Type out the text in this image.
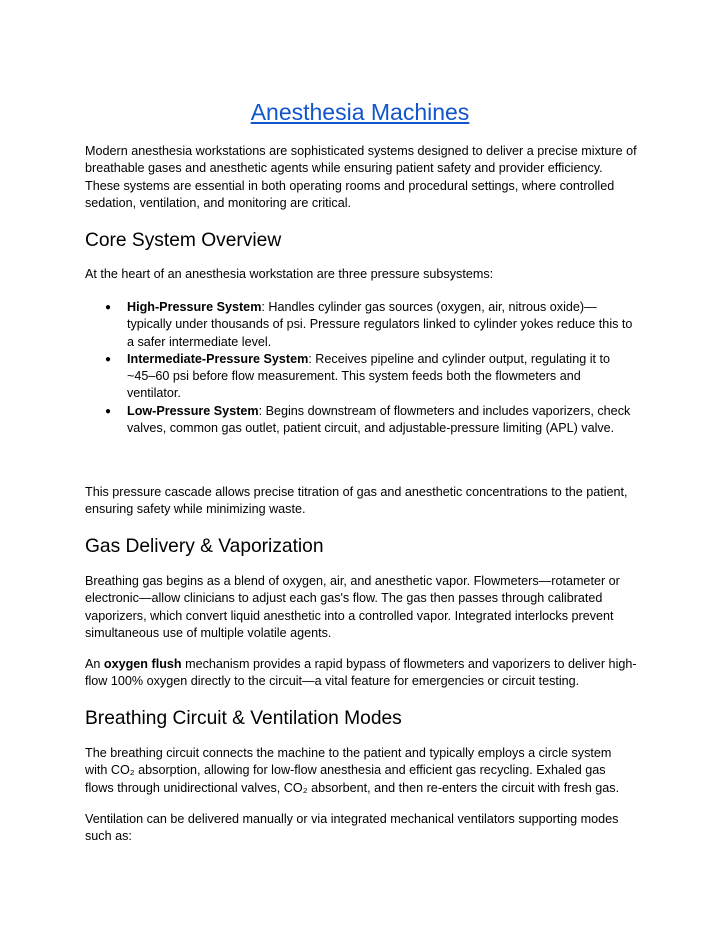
Anesthesia Machines

Modern anesthesia workstations are sophisticated systems designed to deliver a precise mixture of breathable gases and anesthetic agents while ensuring patient safety and provider efficiency. These systems are essential in both operating rooms and procedural settings, where controlled sedation, ventilation, and monitoring are critical.

Core System Overview

At the heart of an anesthesia workstation are three pressure subsystems:

● High‑Pressure System: Handles cylinder gas sources (oxygen, air, nitrous oxide)—typically under thousands of psi. Pressure regulators linked to cylinder yokes reduce this to a safer intermediate level.
● Intermediate‑Pressure System: Receives pipeline and cylinder output, regulating it to ~45–60 psi before flow measurement. This system feeds both the flowmeters and ventilator.
● Low‑Pressure System: Begins downstream of flowmeters and includes vaporizers, check valves, common gas outlet, patient circuit, and adjustable‑pressure limiting (APL) valve.

This pressure cascade allows precise titration of gas and anesthetic concentrations to the patient, ensuring safety while minimizing waste.

Gas Delivery & Vaporization

Breathing gas begins as a blend of oxygen, air, and anesthetic vapor. Flowmeters—rotameter or electronic—allow clinicians to adjust each gas's flow. The gas then passes through calibrated vaporizers, which convert liquid anesthetic into a controlled vapor. Integrated interlocks prevent simultaneous use of multiple volatile agents.

An oxygen flush mechanism provides a rapid bypass of flowmeters and vaporizers to deliver high-flow 100% oxygen directly to the circuit—a vital feature for emergencies or circuit testing.

Breathing Circuit & Ventilation Modes

The breathing circuit connects the machine to the patient and typically employs a circle system with CO₂ absorption, allowing for low‑flow anesthesia and efficient gas recycling. Exhaled gas flows through unidirectional valves, CO₂ absorbent, and then re-enters the circuit with fresh gas.

Ventilation can be delivered manually or via integrated mechanical ventilators supporting modes such as:
